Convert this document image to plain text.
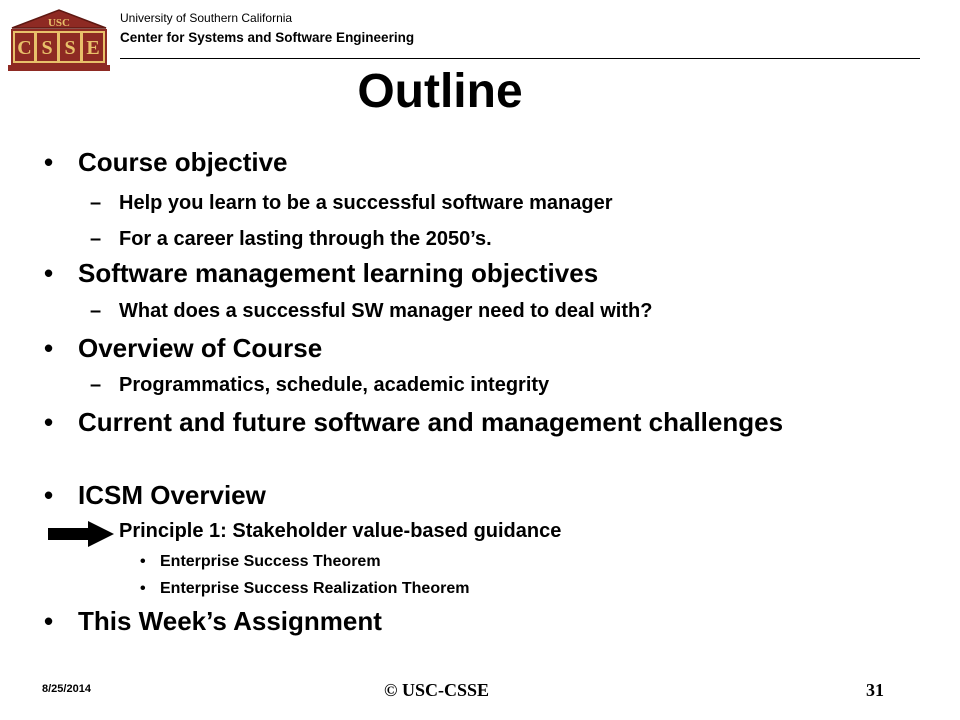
USC
C S S E
University of Southern California
Center for Systems and Software Engineering
Outline
• Course objective
– Help you learn to be a successful software manager
– For a career lasting through the 2050’s.
• Software management learning objectives
– What does a successful SW manager need to deal with?
• Overview of Course
– Programmatics, schedule, academic integrity
• Current and future software and management challenges
• ICSM Overview
Principle 1: Stakeholder value-based guidance
• Enterprise Success Theorem
• Enterprise Success Realization Theorem
• This Week’s Assignment
8/25/2014	© USC-CSSE	31
